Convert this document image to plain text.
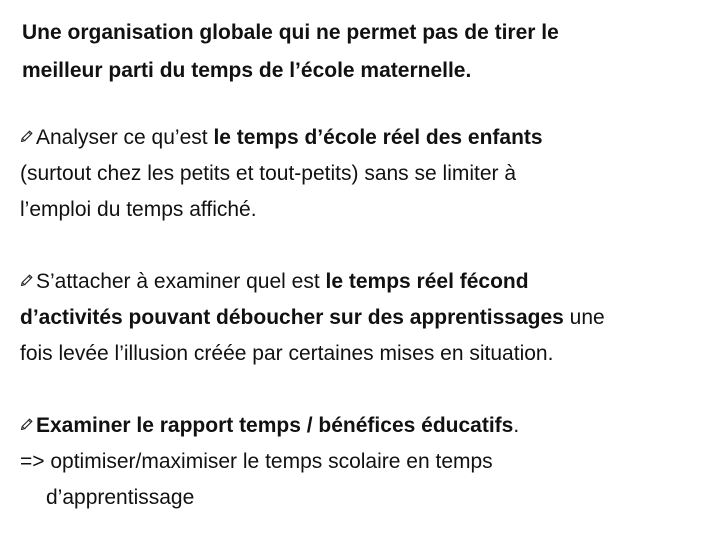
Une organisation globale qui ne permet pas de tirer le
meilleur parti du temps de l’école maternelle.

Analyser ce qu’est le temps d’école réel des enfants
(surtout chez les petits et tout-petits) sans se limiter à
l’emploi du temps affiché.

S’attacher à examiner quel est le temps réel fécond
d’activités pouvant déboucher sur des apprentissages une
fois levée l’illusion créée par certaines mises en situation.

Examiner le rapport temps / bénéfices éducatifs.
=> optimiser/maximiser le temps scolaire en temps
d’apprentissage
